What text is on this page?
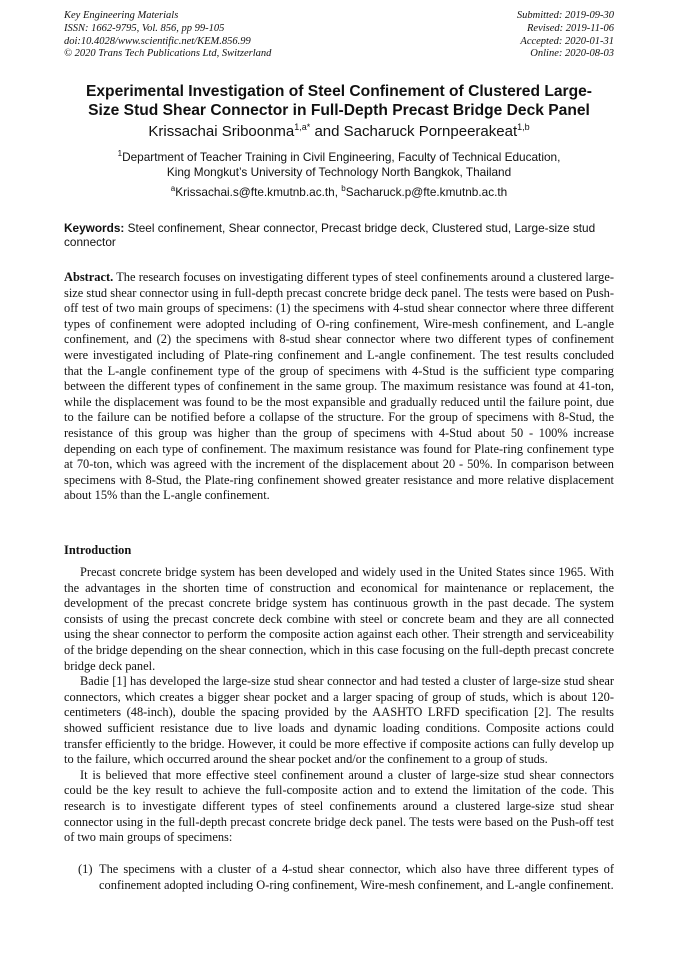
Key Engineering Materials
ISSN: 1662-9795, Vol. 856, pp 99-105
doi:10.4028/www.scientific.net/KEM.856.99
© 2020 Trans Tech Publications Ltd, Switzerland
Submitted: 2019-09-30
Revised: 2019-11-06
Accepted: 2020-01-31
Online: 2020-08-03
Experimental Investigation of Steel Confinement of Clustered Large-
Size Stud Shear Connector in Full-Depth Precast Bridge Deck Panel
Krissachai Sriboonma$^{1,a*}$ and Sacharuck Pornpeerakeat$^{1,b}$
$^1$Department of Teacher Training in Civil Engineering, Faculty of Technical Education,
King Mongkut’s University of Technology North Bangkok, Thailand
$^a$Krissachai.s@fte.kmutnb.ac.th, $^b$Sacharuck.p@fte.kmutnb.ac.th
Keywords: Steel confinement, Shear connector, Precast bridge deck, Clustered stud, Large-size stud connector
Abstract. The research focuses on investigating different types of steel confinements around a clustered large-size stud shear connector using in full-depth precast concrete bridge deck panel. The tests were based on Push-off test of two main groups of specimens: (1) the specimens with 4-stud shear connector where three different types of confinement were adopted including of O-ring confinement, Wire-mesh confinement, and L-angle confinement, and (2) the specimens with 8-stud shear connector where two different types of confinement were investigated including of Plate-ring confinement and L-angle confinement. The test results concluded that the L-angle confinement type of the group of specimens with 4-Stud is the sufficient type comparing between the different types of confinement in the same group. The maximum resistance was found at 41-ton, while the displacement was found to be the most expansible and gradually reduced until the failure point, due to the failure can be notified before a collapse of the structure. For the group of specimens with 8-Stud, the resistance of this group was higher than the group of specimens with 4-Stud about 50 - 100% increase depending on each type of confinement. The maximum resistance was found for Plate-ring confinement type at 70-ton, which was agreed with the increment of the displacement about 20 - 50%. In comparison between specimens with 8-Stud, the Plate-ring confinement showed greater resistance and more relative displacement about 15% than the L-angle confinement.
Introduction

Precast concrete bridge system has been developed and widely used in the United States since 1965. With the advantages in the shorten time of construction and economical for maintenance or replacement, the development of the precast concrete bridge system has continuous growth in the past decade. The system consists of using the precast concrete deck combine with steel or concrete beam and they are all connected using the shear connector to perform the composite action against each other. Their strength and serviceability of the bridge depending on the shear connection, which in this case focusing on the full-depth precast concrete bridge deck panel.

Badie [1] has developed the large-size stud shear connector and had tested a cluster of large-size stud shear connectors, which creates a bigger shear pocket and a larger spacing of group of studs, which is about 120-centimeters (48-inch), double the spacing provided by the AASHTO LRFD specification [2]. The results showed sufficient resistance due to live loads and dynamic loading conditions. Composite actions could transfer efficiently to the bridge. However, it could be more effective if composite actions can fully develop up to the failure, which occurred around the shear pocket and/or the confinement to a group of studs.

It is believed that more effective steel confinement around a cluster of large-size stud shear connectors could be the key result to achieve the full-composite action and to extend the limitation of the code. This research is to investigate different types of steel confinements around a clustered large-size stud shear connector using in the full-depth precast concrete bridge deck panel. The tests were based on the Push-off test of two main groups of specimens:

(1) The specimens with a cluster of a 4-stud shear connector, which also have three different types of confinement adopted including O-ring confinement, Wire-mesh confinement, and L-angle confinement.
